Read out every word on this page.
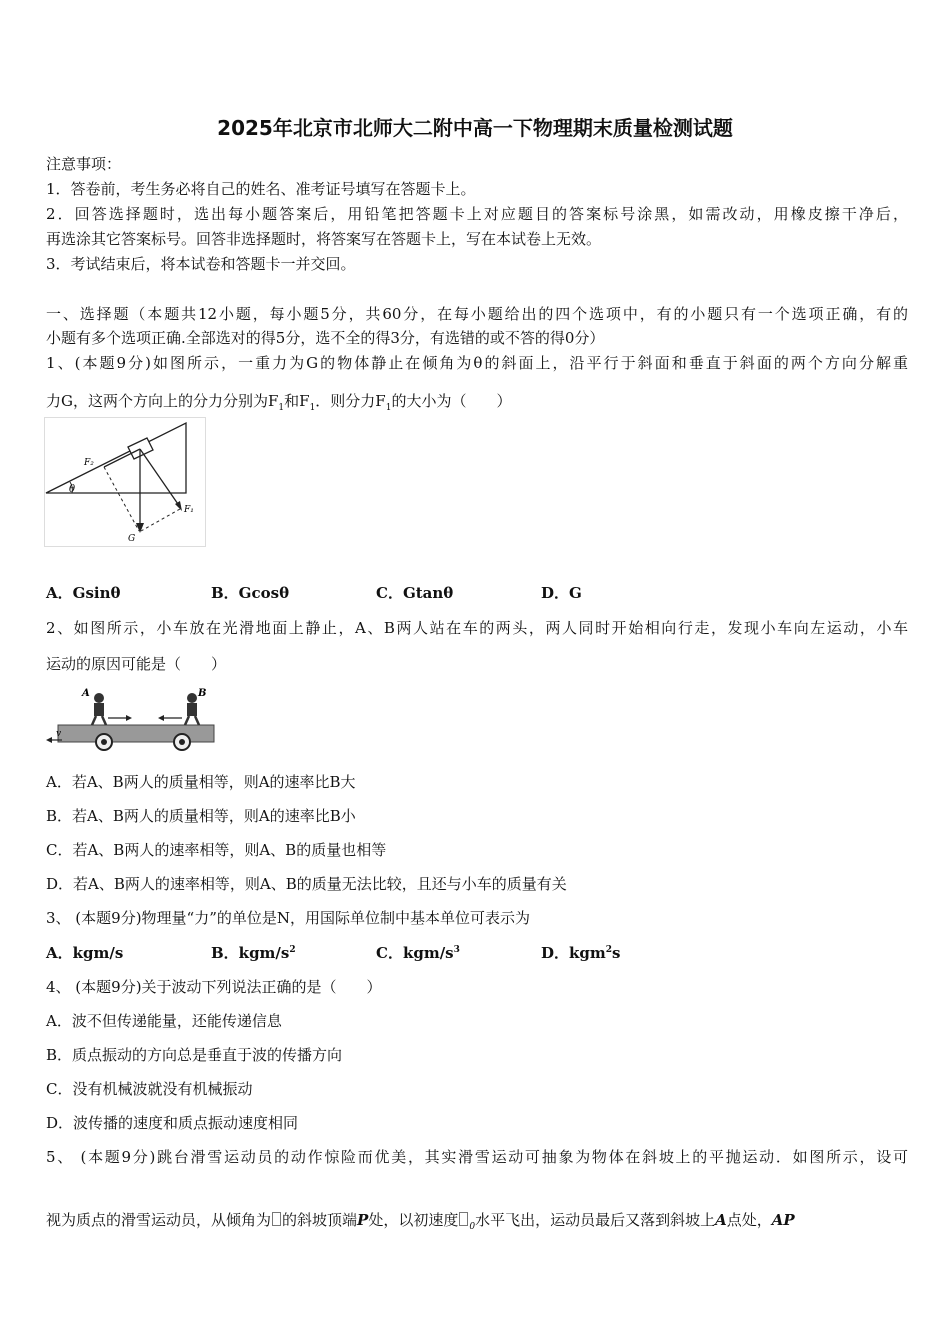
2025年北京市北师大二附中高一下物理期末质量检测试题
注意事项：
1．答卷前，考生务必将自己的姓名、准考证号填写在答题卡上。
2．回答选择题时，选出每小题答案后，用铅笔把答题卡上对应题目的答案标号涂黑，如需改动，用橡皮擦干净后，
再选涂其它答案标号。回答非选择题时，将答案写在答题卡上，写在本试卷上无效。
3．考试结束后，将本试卷和答题卡一并交回。
一、选择题（本题共12小题，每小题5分，共60分，在每小题给出的四个选项中，有的小题只有一个选项正确，有的
小题有多个选项正确.全部选对的得5分，选不全的得3分，有选错的或不答的得0分）
1、(本题9分)如图所示，一重力为G的物体静止在倾角为θ的斜面上，沿平行于斜面和垂直于斜面的两个方向分解重
力G，这两个方向上的分力分别为$F_1$和$F_1$．则分力$F_1$的大小为（　　）
F₂
θ
F₁
G
A．Gsinθ	B．Gcosθ	C．Gtanθ	D．G
2、如图所示，小车放在光滑地面上静止，A、B两人站在车的两头，两人同时开始相向行走，发现小车向左运动，小车
运动的原因可能是（　　）
v
A	B
A．若A、B两人的质量相等，则A的速率比B大
B．若A、B两人的质量相等，则A的速率比B小
C．若A、B两人的速率相等，则A、B的质量也相等
D．若A、B两人的速率相等，则A、B的质量无法比较，且还与小车的质量有关
3、 (本题9分)物理量“力”的单位是N，用国际单位制中基本单位可表示为
A．kgm/s	B．kgm/$s^2$	C．kgm/$s^3$	D．kgm$^2$s
4、 (本题9分)关于波动下列说法正确的是（　　）
A．波不但传递能量，还能传递信息
B．质点振动的方向总是垂直于波的传播方向
C．没有机械波就没有机械振动
D．波传播的速度和质点振动速度相同
5、 (本题9分)跳台滑雪运动员的动作惊险而优美，其实滑雪运动可抽象为物体在斜坡上的平抛运动．如图所示，设可
视为质点的滑雪运动员，从倾角为 的斜坡顶端P处，以初速度 $_0$水平飞出，运动员最后又落到斜坡上A点处，AP
